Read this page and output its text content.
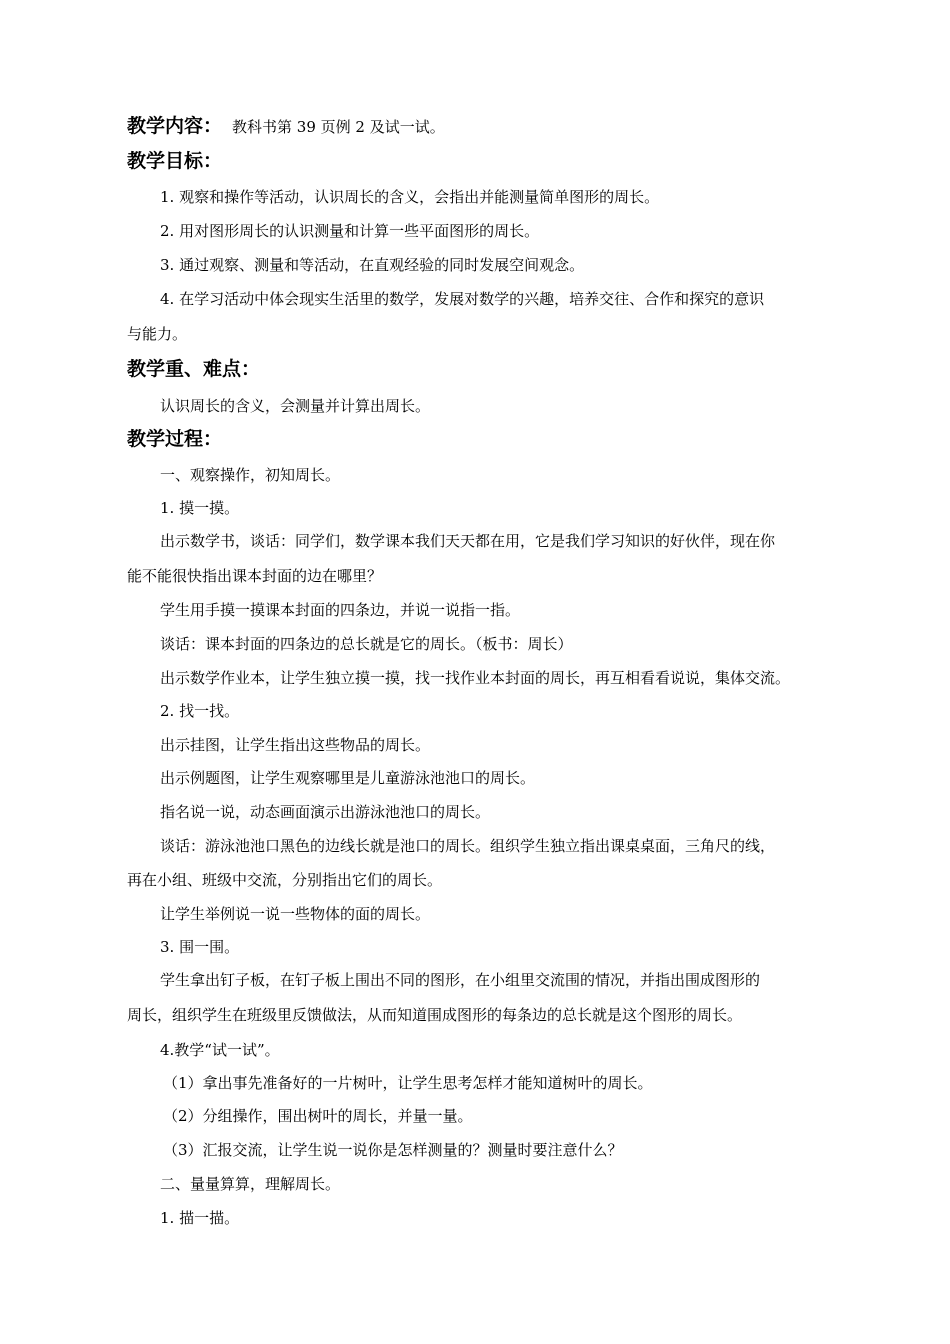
教学内容： 教科书第 39 页例 2 及试一试。
教学目标：
1. 观察和操作等活动，认识周长的含义，会指出并能测量简单图形的周长。
2. 用对图形周长的认识测量和计算一些平面图形的周长。
3. 通过观察、测量和等活动，在直观经验的同时发展空间观念。
4. 在学习活动中体会现实生活里的数学，发展对数学的兴趣，培养交往、合作和探究的意识
与能力。
教学重、难点：
认识周长的含义，会测量并计算出周长。
教学过程：
一、观察操作，初知周长。
1. 摸一摸。
出示数学书，谈话：同学们，数学课本我们天天都在用，它是我们学习知识的好伙伴，现在你
能不能很快指出课本封面的边在哪里？
学生用手摸一摸课本封面的四条边，并说一说指一指。
谈话：课本封面的四条边的总长就是它的周长。（板书：周长）
出示数学作业本，让学生独立摸一摸，找一找作业本封面的周长，再互相看看说说，集体交流。
2. 找一找。
出示挂图，让学生指出这些物品的周长。
出示例题图，让学生观察哪里是儿童游泳池池口的周长。
指名说一说，动态画面演示出游泳池池口的周长。
谈话：游泳池池口黑色的边线长就是池口的周长。组织学生独立指出课桌桌面，三角尺的线，
再在小组、班级中交流，分别指出它们的周长。
让学生举例说一说一些物体的面的周长。
3. 围一围。
学生拿出钉子板，在钉子板上围出不同的图形，在小组里交流围的情况，并指出围成图形的
周长，组织学生在班级里反馈做法，从而知道围成图形的每条边的总长就是这个图形的周长。
4.教学“试一试”。
（1）拿出事先准备好的一片树叶，让学生思考怎样才能知道树叶的周长。
（2）分组操作，围出树叶的周长，并量一量。
（3）汇报交流，让学生说一说你是怎样测量的？测量时要注意什么？
二、量量算算，理解周长。
1. 描一描。
